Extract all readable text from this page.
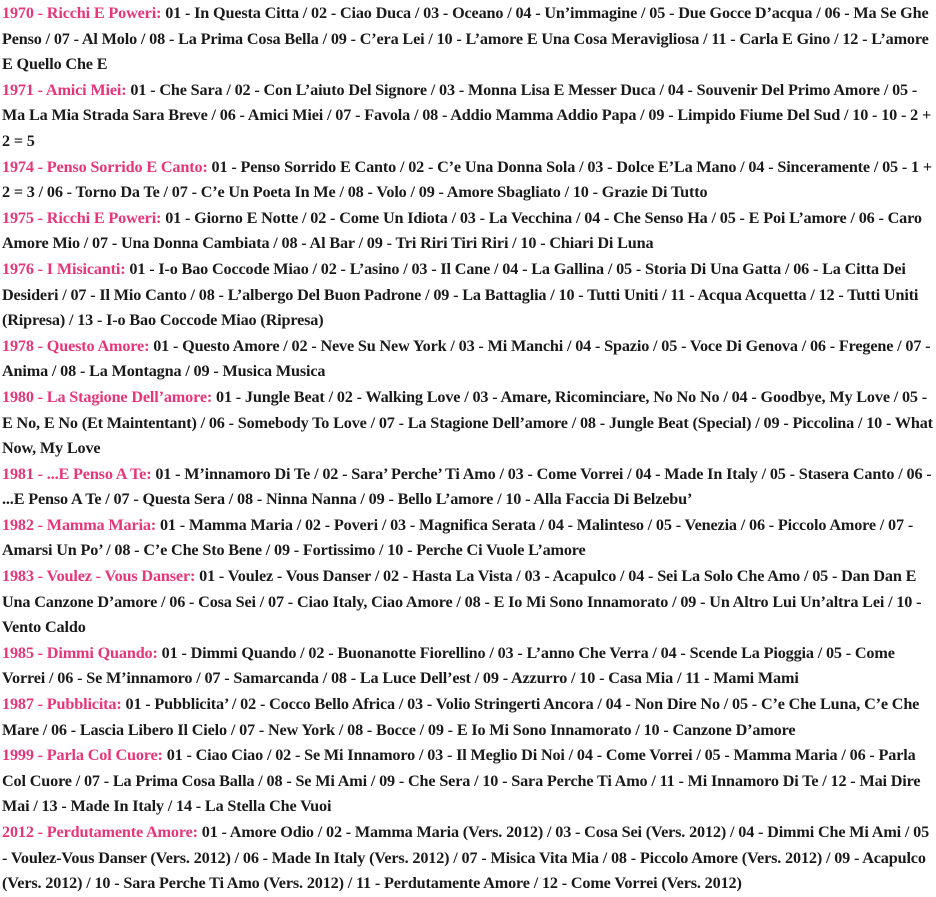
1970 - Ricchi E Poweri: 01 - In Questa Citta / 02 - Ciao Duca / 03 - Oceano / 04 - Un’immagine / 05 - Due Gocce D’acqua / 06 - Ma Se Ghe Penso / 07 - Al Molo / 08 - La Prima Cosa Bella / 09 - C’era Lei / 10 - L’amore E Una Cosa Meravigliosa / 11 - Carla E Gino / 12 - L’amore E Quello Che E

1971 - Amici Miei: 01 - Che Sara / 02 - Con L’aiuto Del Signore / 03 - Monna Lisa E Messer Duca / 04 - Souvenir Del Primo Amore / 05 - Ma La Mia Strada Sara Breve / 06 - Amici Miei / 07 - Favola / 08 - Addio Mamma Addio Papa / 09 - Limpido Fiume Del Sud / 10 - 10 - 2 + 2 = 5

1974 - Penso Sorrido E Canto: 01 - Penso Sorrido E Canto / 02 - C’e Una Donna Sola / 03 - Dolce E’La Mano / 04 - Sinceramente / 05 - 1 + 2 = 3 / 06 - Torno Da Te / 07 - C’e Un Poeta In Me / 08 - Volo / 09 - Amore Sbagliato / 10 - Grazie Di Tutto

1975 - Ricchi E Poweri: 01 - Giorno E Notte / 02 - Come Un Idiota / 03 - La Vecchina / 04 - Che Senso Ha / 05 - E Poi L’amore / 06 - Caro Amore Mio / 07 - Una Donna Cambiata / 08 - Al Bar / 09 - Tri Riri Tiri Riri / 10 - Chiari Di Luna

1976 - I Misicanti: 01 - I-o Bao Coccode Miao / 02 - L’asino / 03 - Il Cane / 04 - La Gallina / 05 - Storia Di Una Gatta / 06 - La Citta Dei Desideri / 07 - Il Mio Canto / 08 - L’albergo Del Buon Padrone / 09 - La Battaglia / 10 - Tutti Uniti / 11 - Acqua Acquetta / 12 - Tutti Uniti (Ripresa) / 13 - I-o Bao Coccode Miao (Ripresa)

1978 - Questo Amore: 01 - Questo Amore / 02 - Neve Su New York / 03 - Mi Manchi / 04 - Spazio / 05 - Voce Di Genova / 06 - Fregene / 07 - Anima / 08 - La Montagna / 09 - Musica Musica

1980 - La Stagione Dell’amore: 01 - Jungle Beat / 02 - Walking Love / 03 - Amare, Ricominciare, No No No / 04 - Goodbye, My Love / 05 - E No, E No (Et Maintentant) / 06 - Somebody To Love / 07 - La Stagione Dell’amore / 08 - Jungle Beat (Special) / 09 - Piccolina / 10 - What Now, My Love

1981 - ...E Penso A Te: 01 - M’innamoro Di Te / 02 - Sara’ Perche’ Ti Amo / 03 - Come Vorrei / 04 - Made In Italy / 05 - Stasera Canto / 06 - ...E Penso A Te / 07 - Questa Sera / 08 - Ninna Nanna / 09 - Bello L’amore / 10 - Alla Faccia Di Belzebu’

1982 - Mamma Maria: 01 - Mamma Maria / 02 - Poveri / 03 - Magnifica Serata / 04 - Malinteso / 05 - Venezia / 06 - Piccolo Amore / 07 - Amarsi Un Po’ / 08 - C’e Che Sto Bene / 09 - Fortissimo / 10 - Perche Ci Vuole L’amore

1983 - Voulez - Vous Danser: 01 - Voulez - Vous Danser / 02 - Hasta La Vista / 03 - Acapulco / 04 - Sei La Solo Che Amo / 05 - Dan Dan E Una Canzone D’amore / 06 - Cosa Sei / 07 - Ciao Italy, Ciao Amore / 08 - E Io Mi Sono Innamorato / 09 - Un Altro Lui Un’altra Lei / 10 - Vento Caldo

1985 - Dimmi Quando: 01 - Dimmi Quando / 02 - Buonanotte Fiorellino / 03 - L’anno Che Verra / 04 - Scende La Pioggia / 05 - Come Vorrei / 06 - Se M’innamoro / 07 - Samarcanda / 08 - La Luce Dell’est / 09 - Azzurro / 10 - Casa Mia / 11 - Mami Mami

1987 - Pubblicita: 01 - Pubblicita’ / 02 - Cocco Bello Africa / 03 - Volio Stringerti Ancora / 04 - Non Dire No / 05 - C’e Che Luna, C’e Che Mare / 06 - Lascia Libero Il Cielo / 07 - New York / 08 - Bocce / 09 - E Io Mi Sono Innamorato / 10 - Canzone D’amore

1999 - Parla Col Cuore: 01 - Ciao Ciao / 02 - Se Mi Innamoro / 03 - Il Meglio Di Noi / 04 - Come Vorrei / 05 - Mamma Maria / 06 - Parla Col Cuore / 07 - La Prima Cosa Balla / 08 - Se Mi Ami / 09 - Che Sera / 10 - Sara Perche Ti Amo / 11 - Mi Innamoro Di Te / 12 - Mai Dire Mai / 13 - Made In Italy / 14 - La Stella Che Vuoi

2012 - Perdutamente Amore: 01 - Amore Odio / 02 - Mamma Maria (Vers. 2012) / 03 - Cosa Sei (Vers. 2012) / 04 - Dimmi Che Mi Ami / 05 - Voulez-Vous Danser (Vers. 2012) / 06 - Made In Italy (Vers. 2012) / 07 - Misica Vita Mia / 08 - Piccolo Amore (Vers. 2012) / 09 - Acapulco (Vers. 2012) / 10 - Sara Perche Ti Amo (Vers. 2012) / 11 - Perdutamente Amore / 12 - Come Vorrei (Vers. 2012)
